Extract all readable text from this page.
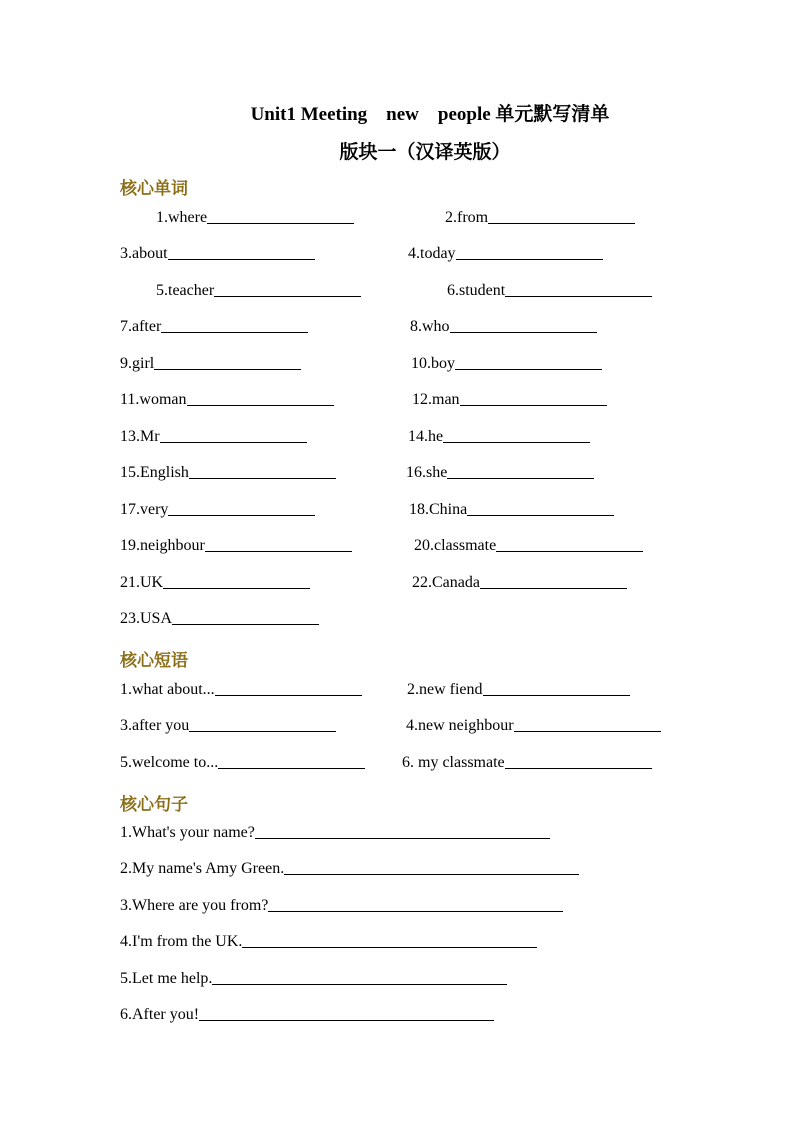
Unit1 Meeting    new    people 单元默写清单
版块一（汉译英版）
核心单词
1.where	2.from
3.about	4.today
5.teacher	6.student
7.after	8.who
9.girl	10.boy
11.woman	12.man
13.Mr	14.he
15.English	16.she
17.very	18.China
19.neighbour	20.classmate
21.UK	22.Canada
23.USA
核心短语
1.what about...	2.new fiend
3.after you	4.new neighbour
5.welcome to...	6. my classmate
核心句子
1.What's your name?
2.My name's Amy Green.
3.Where are you from?
4.I'm from the UK.
5.Let me help.
6.After you!
